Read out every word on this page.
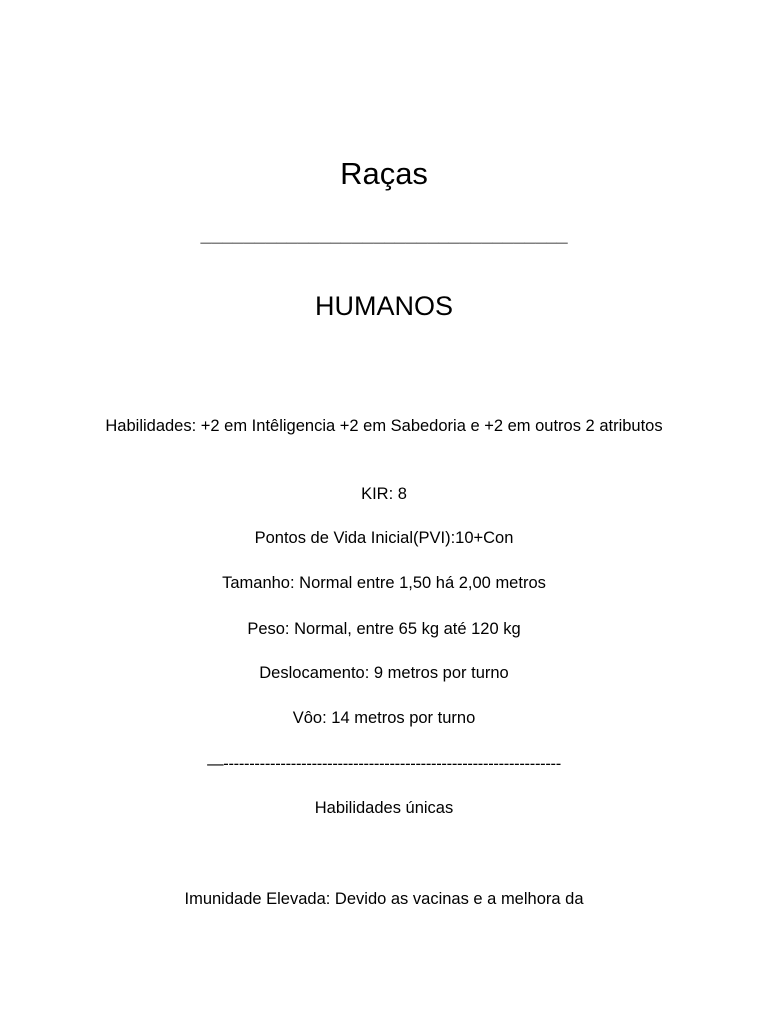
Raças
——————————————————————————————————
HUMANOS
Habilidades: +2 em Intêligencia +2 em Sabedoria e +2 em outros 2 atributos
KIR: 8
Pontos de Vida Inicial(PVI):10+Con
Tamanho: Normal entre 1,50 há 2,00 metros
Peso: Normal, entre 65 kg até 120 kg
Deslocamento: 9 metros por turno
Vôo: 14 metros por turno
—-----------------------------------------------------------------
Habilidades únicas
Imunidade Elevada: Devido as vacinas e a melhora da
